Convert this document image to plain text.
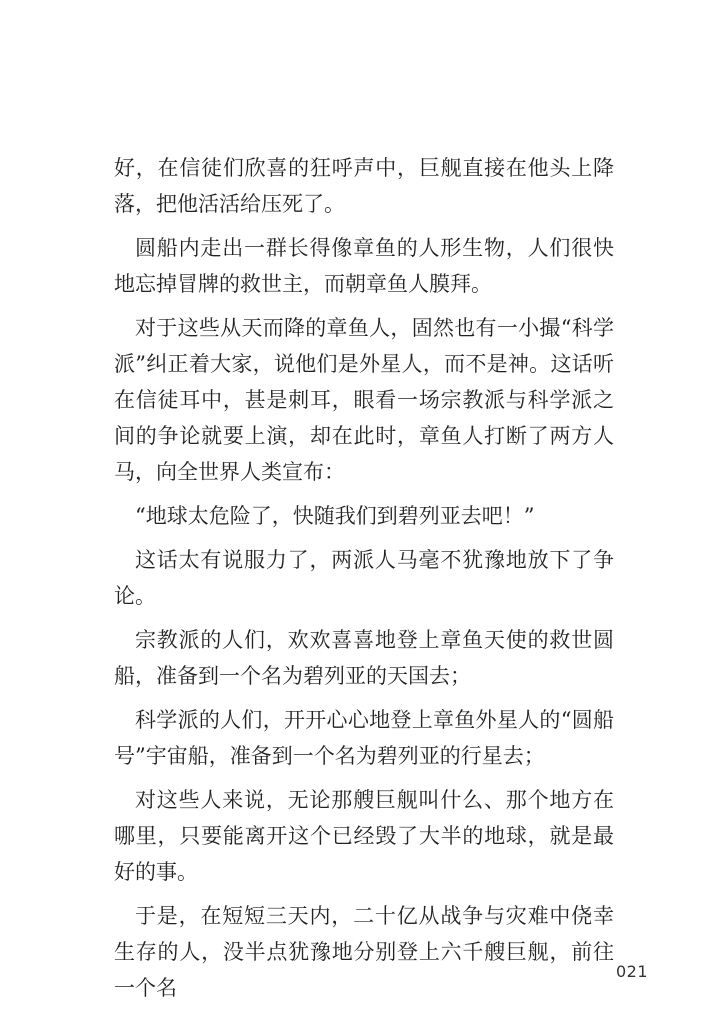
好，在信徒们欣喜的狂呼声中，巨舰直接在他头上降落，把他活活给压死了。

圆船内走出一群长得像章鱼的人形生物，人们很快地忘掉冒牌的救世主，而朝章鱼人膜拜。

对于这些从天而降的章鱼人，固然也有一小撮“科学派”纠正着大家，说他们是外星人，而不是神。这话听在信徒耳中，甚是刺耳，眼看一场宗教派与科学派之间的争论就要上演，却在此时，章鱼人打断了两方人马，向全世界人类宣布：

“地球太危险了，快随我们到碧列亚去吧！”

这话太有说服力了，两派人马毫不犹豫地放下了争论。

宗教派的人们，欢欢喜喜地登上章鱼天使的救世圆船，准备到一个名为碧列亚的天国去；

科学派的人们，开开心心地登上章鱼外星人的“圆船号”宇宙船，准备到一个名为碧列亚的行星去；

对这些人来说，无论那艘巨舰叫什么、那个地方在哪里，只要能离开这个已经毁了大半的地球，就是最好的事。

于是，在短短三天内，二十亿从战争与灾难中侥幸生存的人，没半点犹豫地分别登上六千艘巨舰，前往一个名

021
